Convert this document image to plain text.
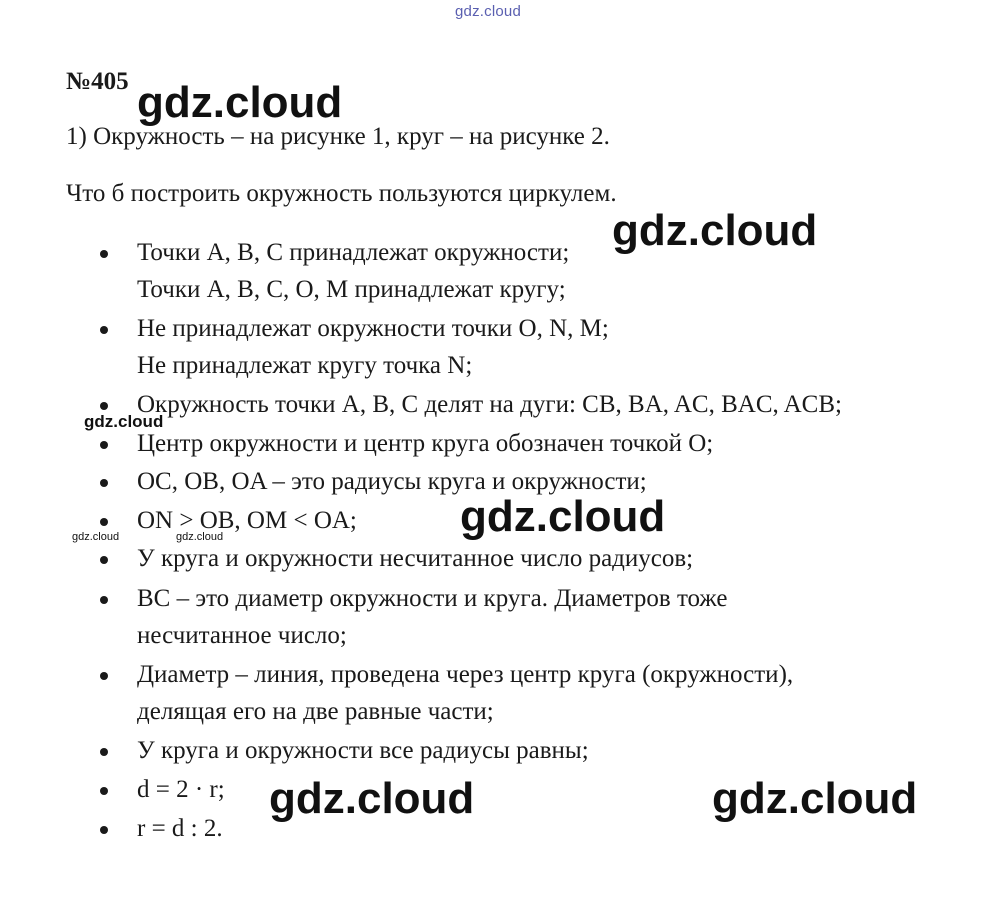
gdz.cloud
№405

1) Окружность – на рисунке 1, круг – на рисунке 2.

Что б построить окружность пользуются циркулем.

Точки A, B, C принадлежат окружности;
Точки A, B, C, O, M принадлежат кругу;
Не принадлежат окружности точки O, N, M;
Не принадлежат кругу точка N;
Окружность точки A, B, C делят на дуги: CB, BA, AC, BAC, ACB;
Центр окружности и центр круга обозначен точкой O;
OC, OB, OA – это радиусы круга и окружности;
ON > OB, OM < OA;
У круга и окружности несчитанное число радиусов;
BC – это диаметр окружности и круга. Диаметров тоже
несчитанное число;
Диаметр – линия, проведена через центр круга (окружности),
делящая его на две равные части;
У круга и окружности все радиусы равны;
d = 2 · r;
r = d : 2.
gdz.cloud
gdz.cloud
gdz.cloud
gdz.cloud
gdz.cloud	gdz.cloud
gdz.cloud	gdz.cloud
